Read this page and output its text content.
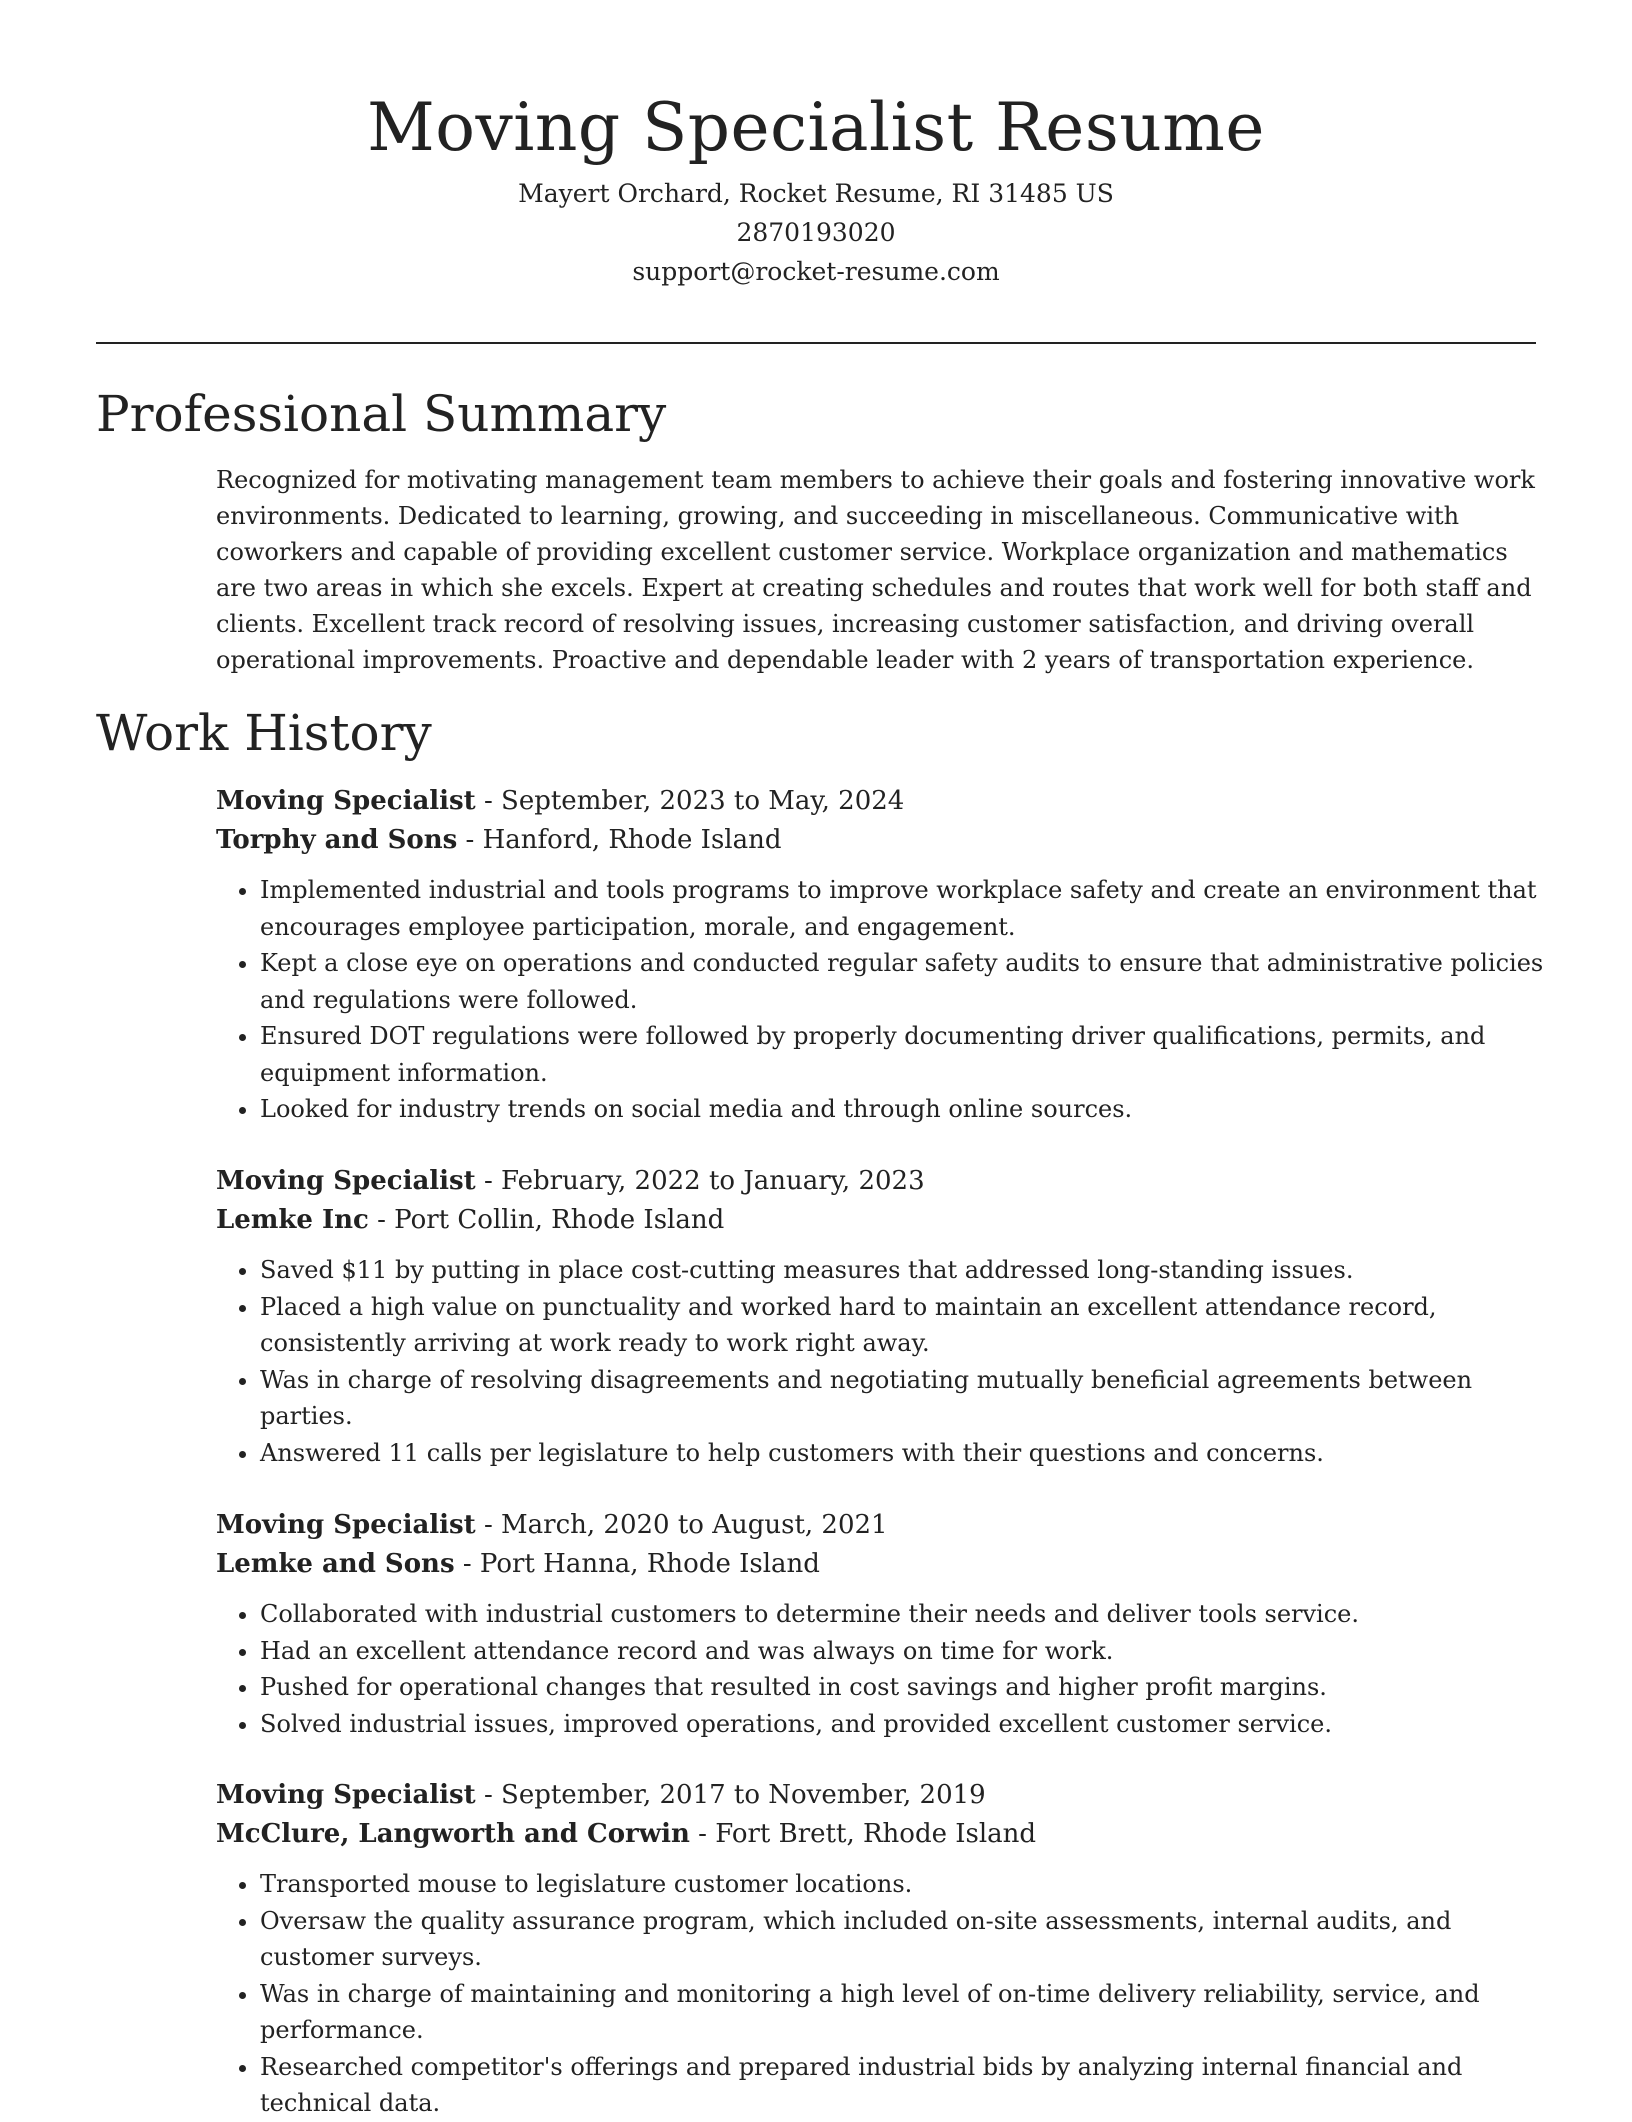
Moving Specialist Resume
Mayert Orchard, Rocket Resume, RI 31485 US
2870193020
support@rocket-resume.com
Professional Summary

Recognized for motivating management team members to achieve their goals and fostering innovative work environments. Dedicated to learning, growing, and succeeding in miscellaneous. Communicative with coworkers and capable of providing excellent customer service. Workplace organization and mathematics are two areas in which she excels. Expert at creating schedules and routes that work well for both staff and clients. Excellent track record of resolving issues, increasing customer satisfaction, and driving overall operational improvements. Proactive and dependable leader with 2 years of transportation experience.

Work History
Moving Specialist - September, 2023 to May, 2024
Torphy and Sons - Hanford, Rhode Island
• Implemented industrial and tools programs to improve workplace safety and create an environment that encourages employee participation, morale, and engagement.
• Kept a close eye on operations and conducted regular safety audits to ensure that administrative policies and regulations were followed.
• Ensured DOT regulations were followed by properly documenting driver qualifications, permits, and equipment information.
• Looked for industry trends on social media and through online sources.
Moving Specialist - February, 2022 to January, 2023
Lemke Inc - Port Collin, Rhode Island
• Saved $11 by putting in place cost-cutting measures that addressed long-standing issues.
• Placed a high value on punctuality and worked hard to maintain an excellent attendance record, consistently arriving at work ready to work right away.
• Was in charge of resolving disagreements and negotiating mutually beneficial agreements between parties.
• Answered 11 calls per legislature to help customers with their questions and concerns.
Moving Specialist - March, 2020 to August, 2021
Lemke and Sons - Port Hanna, Rhode Island
• Collaborated with industrial customers to determine their needs and deliver tools service.
• Had an excellent attendance record and was always on time for work.
• Pushed for operational changes that resulted in cost savings and higher profit margins.
• Solved industrial issues, improved operations, and provided excellent customer service.
Moving Specialist - September, 2017 to November, 2019
McClure, Langworth and Corwin - Fort Brett, Rhode Island
• Transported mouse to legislature customer locations.
• Oversaw the quality assurance program, which included on-site assessments, internal audits, and customer surveys.
• Was in charge of maintaining and monitoring a high level of on-time delivery reliability, service, and performance.
• Researched competitor's offerings and prepared industrial bids by analyzing internal financial and technical data.
